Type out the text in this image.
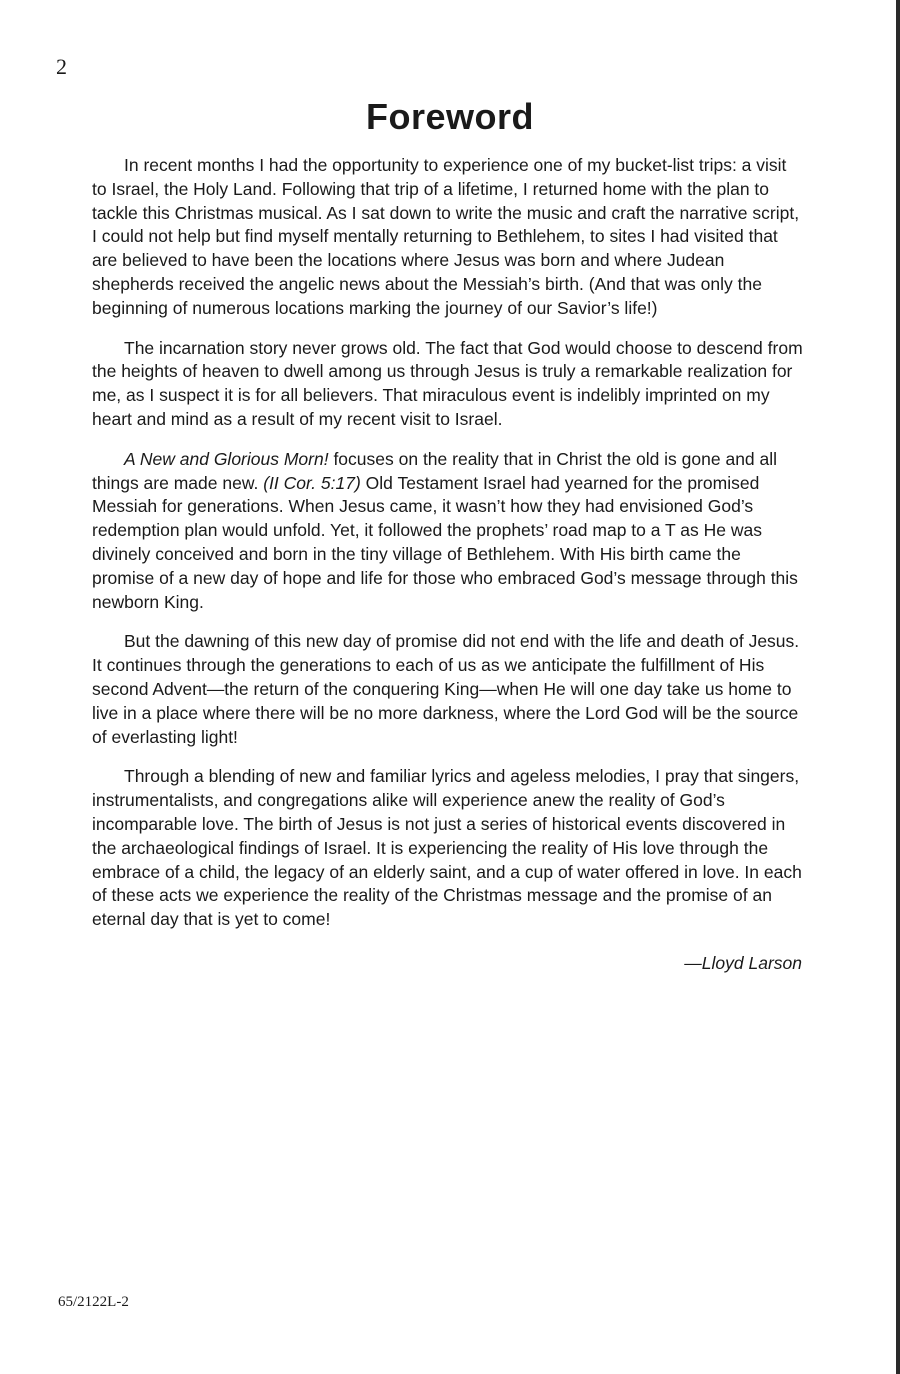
2
Foreword

In recent months I had the opportunity to experience one of my bucket-list trips: a visit to Israel, the Holy Land. Following that trip of a lifetime, I returned home with the plan to tackle this Christmas musical. As I sat down to write the music and craft the narrative script, I could not help but find myself mentally returning to Bethlehem, to sites I had visited that are believed to have been the locations where Jesus was born and where Judean shepherds received the angelic news about the Messiah’s birth. (And that was only the beginning of numerous locations marking the journey of our Savior’s life!)

The incarnation story never grows old. The fact that God would choose to descend from the heights of heaven to dwell among us through Jesus is truly a remarkable realization for me, as I suspect it is for all believers. That miraculous event is indelibly imprinted on my heart and mind as a result of my recent visit to Israel.

A New and Glorious Morn! focuses on the reality that in Christ the old is gone and all things are made new. (II Cor. 5:17) Old Testament Israel had yearned for the promised Messiah for generations. When Jesus came, it wasn’t how they had envisioned God’s redemption plan would unfold. Yet, it followed the prophets’ road map to a T as He was divinely conceived and born in the tiny village of Bethlehem. With His birth came the promise of a new day of hope and life for those who embraced God’s message through this newborn King.

But the dawning of this new day of promise did not end with the life and death of Jesus. It continues through the generations to each of us as we anticipate the fulfillment of His second Advent—the return of the conquering King—when He will one day take us home to live in a place where there will be no more darkness, where the Lord God will be the source of everlasting light!

Through a blending of new and familiar lyrics and ageless melodies, I pray that singers, instrumentalists, and congregations alike will experience anew the reality of God’s incomparable love. The birth of Jesus is not just a series of historical events discovered in the archaeological findings of Israel. It is experiencing the reality of His love through the embrace of a child, the legacy of an elderly saint, and a cup of water offered in love. In each of these acts we experience the reality of the Christmas message and the promise of an eternal day that is yet to come!

—Lloyd Larson
65/2122L-2
